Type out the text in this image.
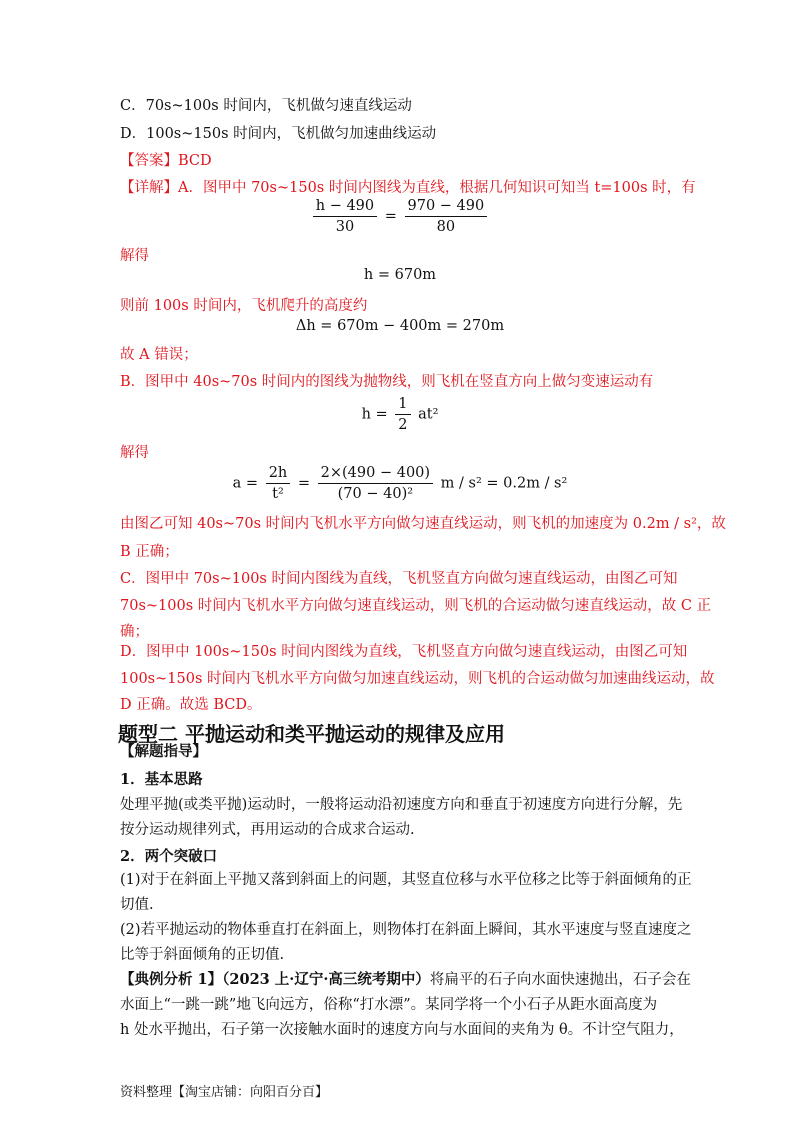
C．70s~100s 时间内，飞机做匀速直线运动
D．100s~150s 时间内，飞机做匀加速曲线运动
【答案】BCD
【详解】A．图甲中 70s~150s 时间内图线为直线，根据几何知识可知当 t=100s 时，有
$\frac{h - 490}{30} = \frac{970 - 490}{80}$
解得
h = 670m
则前 100s 时间内，飞机爬升的高度约
Δh = 670m − 400m = 270m
故 A 错误；
B．图甲中 40s~70s 时间内的图线为抛物线，则飞机在竖直方向上做匀变速运动有
$h = \frac{1}{2} at^2$
解得
$a = \frac{2h}{\text{t²}} = \frac{2\times(490 - 400)}{\text{(70 − 40)²}}$ m / s² = 0.2m / s²
由图乙可知 40s~70s 时间内飞机水平方向做匀速直线运动，则飞机的加速度为 0.2m / s²，故
B 正确；
C．图甲中 70s~100s 时间内图线为直线，飞机竖直方向做匀速直线运动，由图乙可知
70s~100s 时间内飞机水平方向做匀速直线运动，则飞机的合运动做匀速直线运动，故 C 正
确；
D．图甲中 100s~150s 时间内图线为直线，飞机竖直方向做匀速直线运动，由图乙可知
100s~150s 时间内飞机水平方向做匀加速直线运动，则飞机的合运动做匀加速曲线运动，故
D 正确。故选 BCD。
题型二 平抛运动和类平抛运动的规律及应用
【解题指导】
1．基本思路
处理平抛(或类平抛)运动时，一般将运动沿初速度方向和垂直于初速度方向进行分解，先
按分运动规律列式，再用运动的合成求合运动.
2．两个突破口
(1)对于在斜面上平抛又落到斜面上的问题，其竖直位移与水平位移之比等于斜面倾角的正
切值.
(2)若平抛运动的物体垂直打在斜面上，则物体打在斜面上瞬间，其水平速度与竖直速度之
比等于斜面倾角的正切值.
【典例分析 1】（2023 上·辽宁·高三统考期中）将扁平的石子向水面快速抛出，石子会在
水面上“一跳一跳”地飞向远方，俗称“打水漂”。某同学将一个小石子从距水面高度为
h 处水平抛出，石子第一次接触水面时的速度方向与水面间的夹角为 θ。不计空气阻力，
资料整理【淘宝店铺：向阳百分百】
